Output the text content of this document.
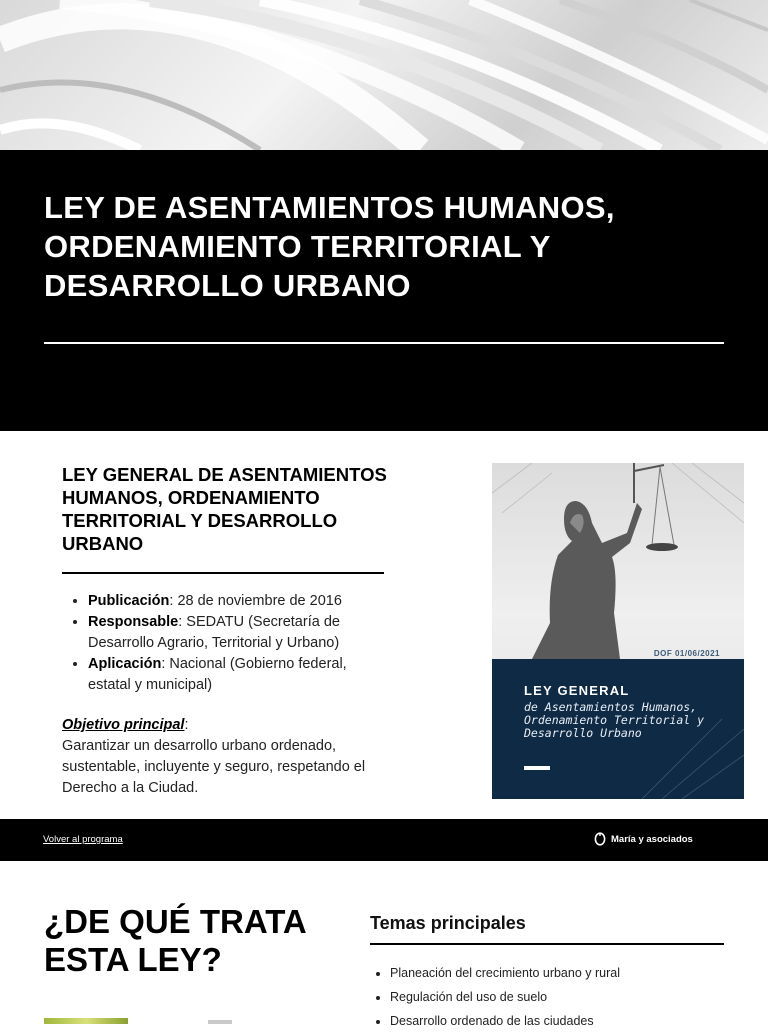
LEY DE ASENTAMIENTOS HUMANOS, ORDENAMIENTO TERRITORIAL Y DESARROLLO URBANO
LEY GENERAL DE ASENTAMIENTOS HUMANOS, ORDENAMIENTO TERRITORIAL Y DESARROLLO URBANO
• Publicación: 28 de noviembre de 2016
• Responsable: SEDATU (Secretaría de Desarrollo Agrario, Territorial y Urbano)
• Aplicación: Nacional (Gobierno federal, estatal y municipal)
Objetivo principal:
Garantizar un desarrollo urbano ordenado, sustentable, incluyente y seguro, respetando el Derecho a la Ciudad.
DOF 01/06/2021
LEY GENERAL
de Asentamientos Humanos, Ordenamiento Territorial y Desarrollo Urbano
Volver al programa	María y asociados
¿DE QUÉ TRATA ESTA LEY?
Temas principales
• Planeación del crecimiento urbano y rural
• Regulación del uso de suelo
• Desarrollo ordenado de las ciudades
